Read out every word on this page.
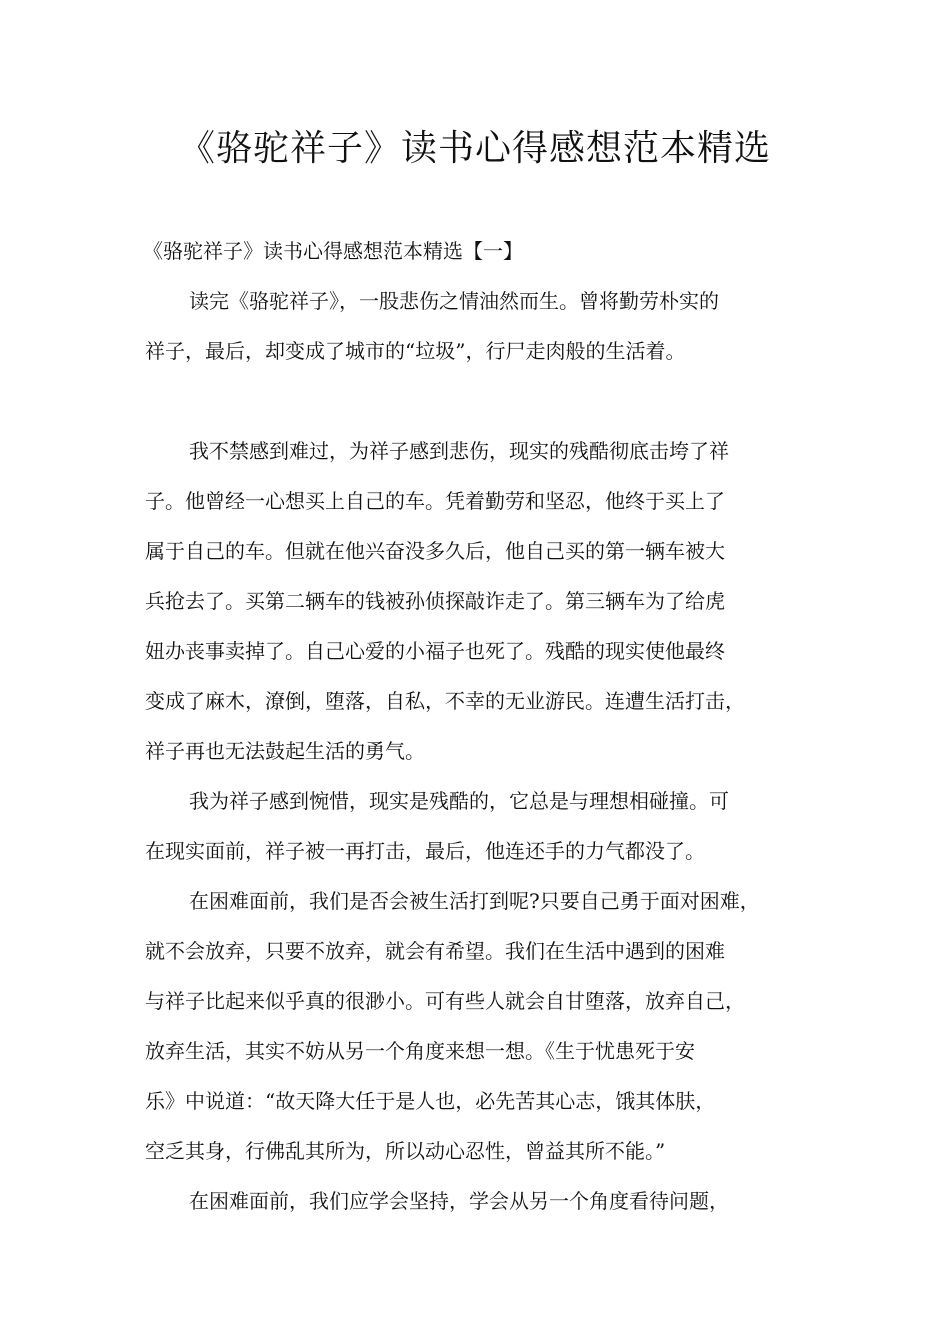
《骆驼祥子》读书心得感想范本精选

《骆驼祥子》读书心得感想范本精选【一】

读完《骆驼祥子》，一股悲伤之情油然而生。曾将勤劳朴实的
祥子，最后，却变成了城市的“垃圾”，行尸走肉般的生活着。
我不禁感到难过，为祥子感到悲伤，现实的残酷彻底击垮了祥
子。他曾经一心想买上自己的车。凭着勤劳和坚忍，他终于买上了
属于自己的车。但就在他兴奋没多久后，他自己买的第一辆车被大
兵抢去了。买第二辆车的钱被孙侦探敲诈走了。第三辆车为了给虎
妞办丧事卖掉了。自己心爱的小福子也死了。残酷的现实使他最终
变成了麻木，潦倒，堕落，自私，不幸的无业游民。连遭生活打击，
祥子再也无法鼓起生活的勇气。
我为祥子感到惋惜，现实是残酷的，它总是与理想相碰撞。可
在现实面前，祥子被一再打击，最后，他连还手的力气都没了。
在困难面前，我们是否会被生活打到呢?只要自己勇于面对困难，
就不会放弃，只要不放弃，就会有希望。我们在生活中遇到的困难
与祥子比起来似乎真的很渺小。可有些人就会自甘堕落，放弃自己，
放弃生活，其实不妨从另一个角度来想一想。《生于忧患死于安
乐》中说道：“故天降大任于是人也，必先苦其心志，饿其体肤，
空乏其身，行佛乱其所为，所以动心忍性，曾益其所不能。”
在困难面前，我们应学会坚持，学会从另一个角度看待问题，
